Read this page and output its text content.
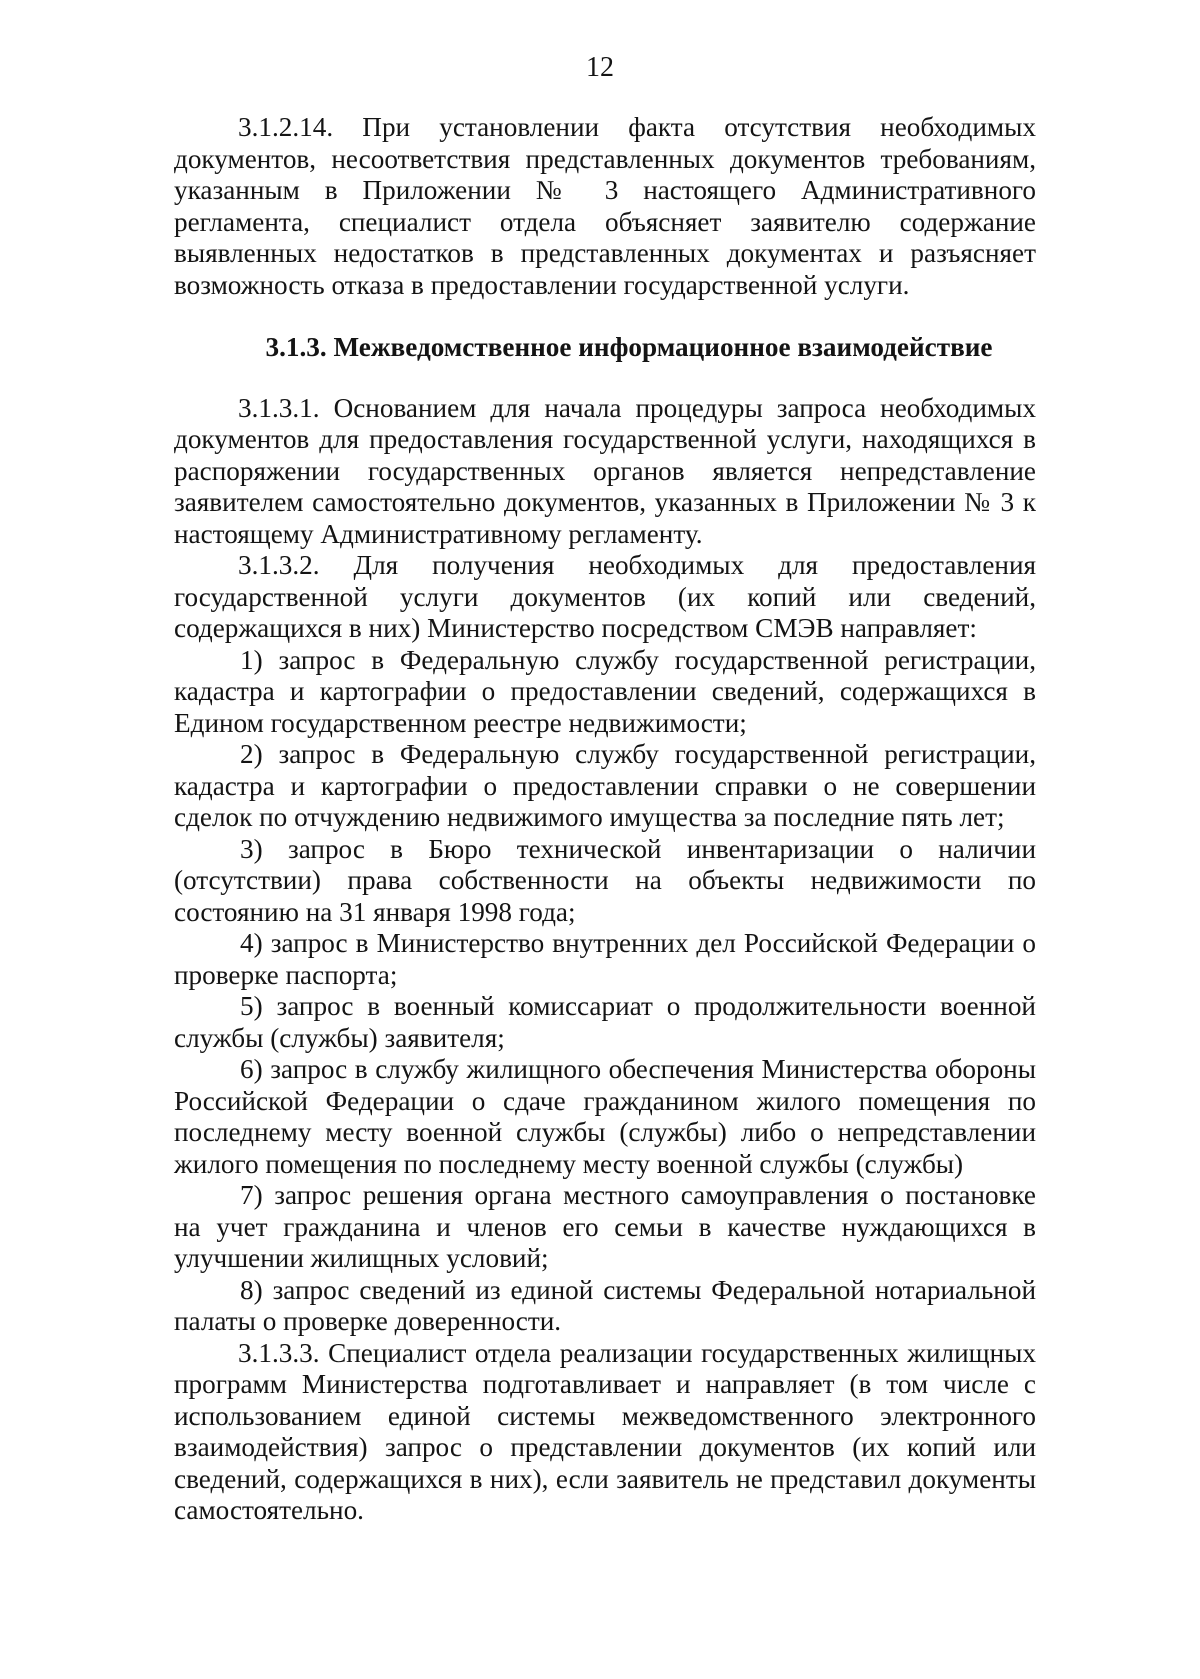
12

3.1.2.14. При установлении факта отсутствия необходимых документов, несоответствия представленных документов требованиям, указанным в Приложении № 3 настоящего Административного регламента, специалист отдела объясняет заявителю содержание выявленных недостатков в представленных документах и разъясняет возможность отказа в предоставлении государственной услуги.

3.1.3. Межведомственное информационное взаимодействие

3.1.3.1. Основанием для начала процедуры запроса необходимых документов для предоставления государственной услуги, находящихся в распоряжении государственных органов является непредставление заявителем самостоятельно документов, указанных в Приложении № 3 к настоящему Административному регламенту.

3.1.3.2. Для получения необходимых для предоставления государственной услуги документов (их копий или сведений, содержащихся в них) Министерство посредством СМЭВ направляет:

1) запрос в Федеральную службу государственной регистрации, кадастра и картографии о предоставлении сведений, содержащихся в Едином государственном реестре недвижимости;

2) запрос в Федеральную службу государственной регистрации, кадастра и картографии о предоставлении справки о не совершении сделок по отчуждению недвижимого имущества за последние пять лет;

3) запрос в Бюро технической инвентаризации о наличии (отсутствии) права собственности на объекты недвижимости по состоянию на 31 января 1998 года;

4) запрос в Министерство внутренних дел Российской Федерации о проверке паспорта;

5) запрос в военный комиссариат о продолжительности военной службы (службы) заявителя;

6) запрос в службу жилищного обеспечения Министерства обороны Российской Федерации о сдаче гражданином жилого помещения по последнему месту военной службы (службы) либо о непредставлении жилого помещения по последнему месту военной службы (службы)

7) запрос решения органа местного самоуправления о постановке на учет гражданина и членов его семьи в качестве нуждающихся в улучшении жилищных условий;

8) запрос сведений из единой системы Федеральной нотариальной палаты о проверке доверенности.

3.1.3.3. Специалист отдела реализации государственных жилищных программ Министерства подготавливает и направляет (в том числе с использованием единой системы межведомственного электронного взаимодействия) запрос о представлении документов (их копий или сведений, содержащихся в них), если заявитель не представил документы самостоятельно.
